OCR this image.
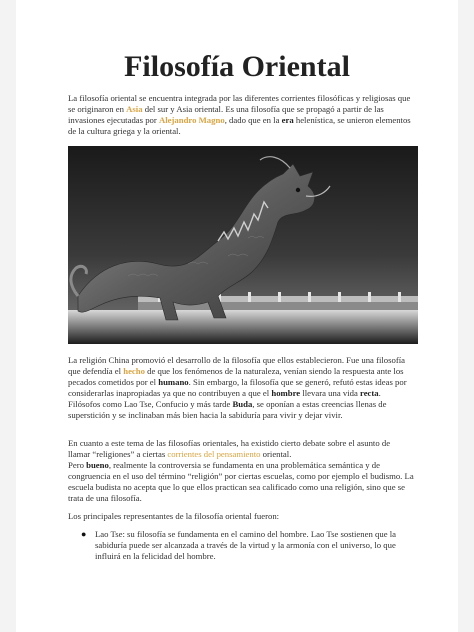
Filosofía Oriental

La filosofía oriental se encuentra integrada por las diferentes corrientes filosóficas y religiosas que se originaron en Asia del sur y Asia oriental. Es una filosofía que se propagó a partir de las invasiones ejecutadas por Alejandro Magno, dado que en la era helenística, se unieron elementos de la cultura griega y la oriental.

La religión China promovió el desarrollo de la filosofía que ellos establecieron. Fue una filosofía que defendía el hecho de que los fenómenos de la naturaleza, venían siendo la respuesta ante los pecados cometidos por el humano. Sin embargo, la filosofía que se generó, refutó estas ideas por considerarlas inapropiadas ya que no contribuyen a que el hombre llevara una vida recta. Filósofos como Lao Tse, Confucio y más tarde Buda, se oponían a estas creencias llenas de superstición y se inclinaban más bien hacia la sabiduría para vivir y dejar vivir.

En cuanto a este tema de las filosofías orientales, ha existido cierto debate sobre el asunto de llamar “religiones” a ciertas corrientes del pensamiento oriental.
Pero bueno, realmente la controversia se fundamenta en una problemática semántica y de congruencia en el uso del término “religión” por ciertas escuelas, como por ejemplo el budismo. La escuela budista no acepta que lo que ellos practican sea calificado como una religión, sino que se trata de una filosofía.

Los principales representantes de la filosofía oriental fueron:

● Lao Tse: su filosofía se fundamenta en el camino del hombre. Lao Tse sostienen que la sabiduría puede ser alcanzada a través de la virtud y la armonía con el universo, lo que influirá en la felicidad del hombre.
